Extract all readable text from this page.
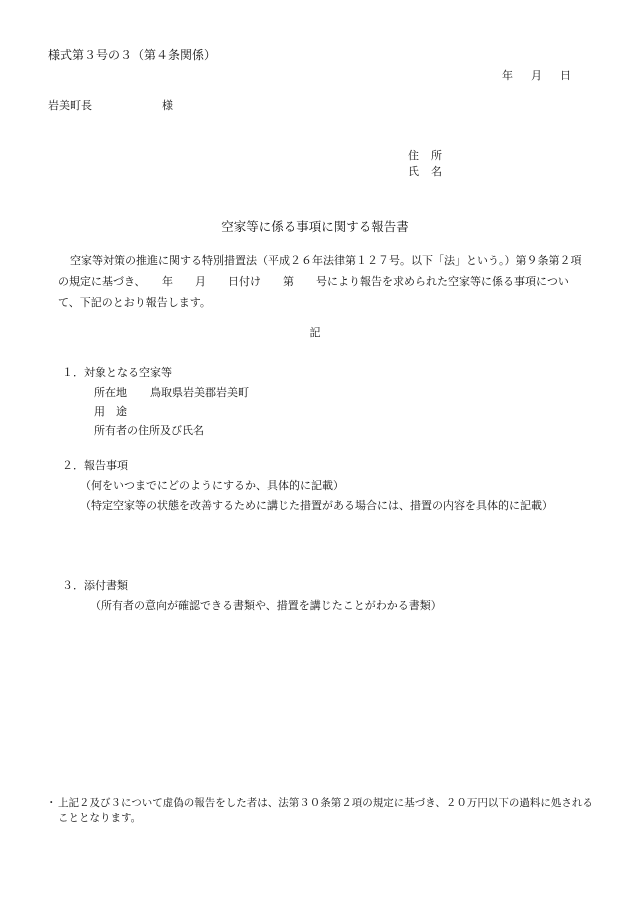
様式第３号の３（第４条関係）
年 月 日
岩美町長	様
住 所
氏 名
空家等に係る事項に関する報告書

空家等対策の推進に関する特別措置法（平成２６年法律第１２７号。以下「法」という。）第９条第２項の規定に基づき、　　年　　月　　日付け　　第　　号により報告を求められた空家等に係る事項について、下記のとおり報告します。

記
１．対象となる空家等
所在地 鳥取県岩美郡岩美町
用　途
所有者の住所及び氏名
２．報告事項
（何をいつまでにどのようにするか、具体的に記載）
（特定空家等の状態を改善するために講じた措置がある場合には、措置の内容を具体的に記載）
３．添付書類
（所有者の意向が確認できる書類や、措置を講じたことがわかる書類）
・ 上記２及び３について虚偽の報告をした者は、法第３０条第２項の規定に基づき、２０万円以下の過料に処されることとなります。
